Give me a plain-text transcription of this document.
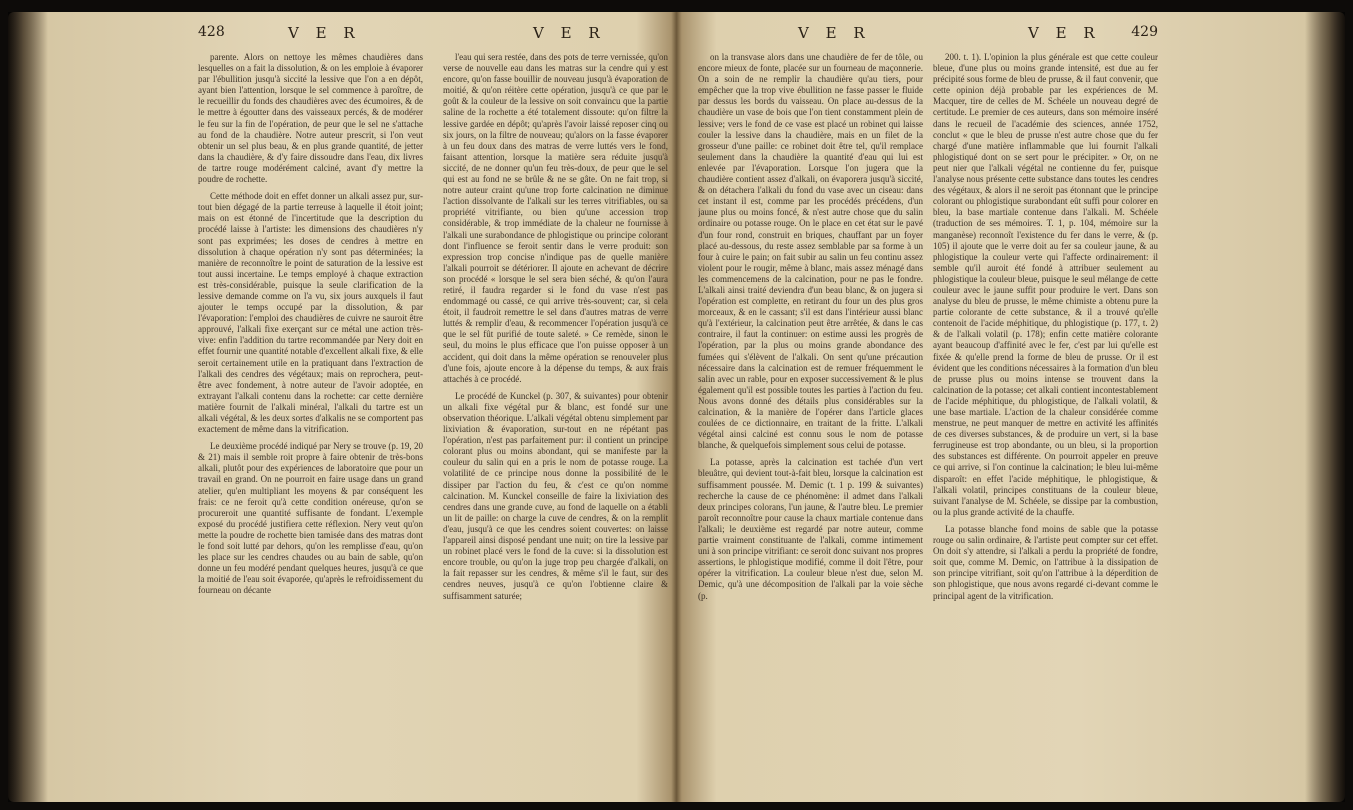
428	V E R	V E R

parente. Alors on nettoye les mêmes chaudières dans lesquelles on a fait la dissolution, & on les emploie à évaporer par l'ébullition jusqu'à siccité la lessive que l'on a en dépôt, ayant bien l'attention, lorsque le sel commence à paroître, de le recueillir du fonds des chaudières avec des écumoires, & de le mettre à égoutter dans des vaisseaux percés, & de modérer le feu sur la fin de l'opération, de peur que le sel ne s'attache au fond de la chaudière. Notre auteur prescrit, si l'on veut obtenir un sel plus beau, & en plus grande quantité, de jetter dans la chaudière, & d'y faire dissoudre dans l'eau, dix livres de tartre rouge modérément calciné, avant d'y mettre la poudre de rochette.

Cette méthode doit en effet donner un alkali assez pur, sur-tout bien dégagé de la partie terreuse à laquelle il étoit joint; mais on est étonné de l'incertitude que la description du procédé laisse à l'artiste: les dimensions des chaudières n'y sont pas exprimées; les doses de cendres à mettre en dissolution à chaque opération n'y sont pas déterminées; la manière de reconnoître le point de saturation de la lessive est tout aussi incertaine. Le temps employé à chaque extraction est très-considérable, puisque la seule clarification de la lessive demande comme on l'a vu, six jours auxquels il faut ajouter le temps occupé par la dissolution, & par l'évaporation: l'emploi des chaudières de cuivre ne sauroit être approuvé, l'alkali fixe exerçant sur ce métal une action très-vive: enfin l'addition du tartre recommandée par Nery doit en effet fournir une quantité notable d'excellent alkali fixe, & elle seroit certainement utile en la pratiquant dans l'extraction de l'alkali des cendres des végétaux; mais on reprochera, peut-être avec fondement, à notre auteur de l'avoir adoptée, en extrayant l'alkali contenu dans la rochette: car cette dernière matière fournit de l'alkali minéral, l'alkali du tartre est un alkali végétal, & les deux sortes d'alkalis ne se comportent pas exactement de même dans la vitrification.

Le deuxième procédé indiqué par Nery se trouve (p. 19, 20 & 21) mais il semble roit propre à faire obtenir de très-bons alkali, plutôt pour des expériences de laboratoire que pour un travail en grand. On ne pourroit en faire usage dans un grand atelier, qu'en multipliant les moyens & par conséquent les frais: ce ne feroit qu'à cette condition onéreuse, qu'on se procureroit une quantité suffisante de fondant. L'exemple exposé du procédé justifiera cette réflexion. Nery veut qu'on mette la poudre de rochette bien tamisée dans des matras dont le fond soit lutté par dehors, qu'on les remplisse d'eau, qu'on les place sur les cendres chaudes ou au bain de sable, qu'on donne un feu modéré pendant quelques heures, jusqu'à ce que la moitié de l'eau soit évaporée, qu'après le refroidissement du fourneau on décante

l'eau qui sera restée, dans des pots de terre vernissée, qu'on verse de nouvelle eau dans les matras sur la cendre qui y est encore, qu'on fasse bouillir de nouveau jusqu'à évaporation de moitié, & qu'on réitère cette opération, jusqu'à ce que par le goût & la couleur de la lessive on soit convaincu que la partie saline de la rochette a été totalement dissoute: qu'on filtre la lessive gardée en dépôt; qu'après l'avoir laissé reposer cinq ou six jours, on la filtre de nouveau; qu'alors on la fasse évaporer à un feu doux dans des matras de verre luttés vers le fond, faisant attention, lorsque la matière sera réduite jusqu'à siccité, de ne donner qu'un feu très-doux, de peur que le sel qui est au fond ne se brûle & ne se gâte. On ne fait trop, si notre auteur craint qu'une trop forte calcination ne diminue l'action dissolvante de l'alkali sur les terres vitrifiables, ou sa propriété vitrifiante, ou bien qu'une accession trop considérable, & trop immédiate de la chaleur ne fournisse à l'alkali une surabondance de phlogistique ou principe colorant dont l'influence se feroit sentir dans le verre produit: son expression trop concise n'indique pas de quelle manière l'alkali pourroit se détériorer. Il ajoute en achevant de décrire son procédé « lorsque le sel sera bien séché, & qu'on l'aura retiré, il faudra regarder si le fond du vase n'est pas endommagé ou cassé, ce qui arrive très-souvent; car, si cela étoit, il faudroit remettre le sel dans d'autres matras de verre luttés & remplir d'eau, & recommencer l'opération jusqu'à ce que le sel fût purifié de toute saleté. » Ce remède, sinon le seul, du moins le plus efficace que l'on puisse opposer à un accident, qui doit dans la même opération se renouveler plus d'une fois, ajoute encore à la dépense du temps, & aux frais attachés à ce procédé.

Le procédé de Kunckel (p. 307, & suivantes) pour obtenir un alkali fixe végétal pur & blanc, est fondé sur une observation théorique. L'alkali végétal obtenu simplement par lixiviation & évaporation, sur-tout en ne répétant pas l'opération, n'est pas parfaitement pur: il contient un principe colorant plus ou moins abondant, qui se manifeste par la couleur du salin qui en a pris le nom de potasse rouge. La volatilité de ce principe nous donne la possibilité de le dissiper par l'action du feu, & c'est ce qu'on nomme calcination. M. Kunckel conseille de faire la lixiviation des cendres dans une grande cuve, au fond de laquelle on a établi un lit de paille: on charge la cuve de cendres, & on la remplit d'eau, jusqu'à ce que les cendres soient couvertes: on laisse l'appareil ainsi disposé pendant une nuit; on tire la lessive par un robinet placé vers le fond de la cuve: si la dissolution est encore trouble, ou qu'on la juge trop peu chargée d'alkali, on la fait repasser sur les cendres, & même s'il le faut, sur des cendres neuves, jusqu'à ce qu'on l'obtienne claire & suffisamment saturée;

V E R	V E R 429

on la transvase alors dans une chaudière de fer de tôle, ou encore mieux de fonte, placée sur un fourneau de maçonnerie. On a soin de ne remplir la chaudière qu'au tiers, pour empêcher que la trop vive ébullition ne fasse passer le fluide par dessus les bords du vaisseau. On place au-dessus de la chaudière un vase de bois que l'on tient constamment plein de lessive; vers le fond de ce vase est placé un robinet qui laisse couler la lessive dans la chaudière, mais en un filet de la grosseur d'une paille: ce robinet doit être tel, qu'il remplace seulement dans la chaudière la quantité d'eau qui lui est enlevée par l'évaporation. Lorsque l'on jugera que la chaudière contient assez d'alkali, on évaporera jusqu'à siccité, & on détachera l'alkali du fond du vase avec un ciseau: dans cet instant il est, comme par les procédés précédens, d'un jaune plus ou moins foncé, & n'est autre chose que du salin ordinaire ou potasse rouge. On le place en cet état sur le pavé d'un four rond, construit en briques, chauffant par un foyer placé au-dessous, du reste assez semblable par sa forme à un four à cuire le pain; on fait subir au salin un feu continu assez violent pour le rougir, même à blanc, mais assez ménagé dans les commencemens de la calcination, pour ne pas le fondre. L'alkali ainsi traité deviendra d'un beau blanc, & on jugera si l'opération est complette, en retirant du four un des plus gros morceaux, & en le cassant; s'il est dans l'intérieur aussi blanc qu'à l'extérieur, la calcination peut être arrêtée, & dans le cas contraire, il faut la continuer: on estime aussi les progrès de l'opération, par la plus ou moins grande abondance des fumées qui s'élèvent de l'alkali. On sent qu'une précaution nécessaire dans la calcination est de remuer fréquemment le salin avec un rable, pour en exposer successivement & le plus également qu'il est possible toutes les parties à l'action du feu. Nous avons donné des détails plus considérables sur la calcination, & la manière de l'opérer dans l'article glaces coulées de ce dictionnaire, en traitant de la fritte. L'alkali végétal ainsi calciné est connu sous le nom de potasse blanche, & quelquefois simplement sous celui de potasse.

La potasse, après la calcination est tachée d'un vert bleuâtre, qui devient tout-à-fait bleu, lorsque la calcination est suffisamment poussée. M. Demic (t. 1 p. 199 & suivantes) recherche la cause de ce phénomène: il admet dans l'alkali deux principes colorans, l'un jaune, & l'autre bleu. Le premier paroît reconnoître pour cause la chaux martiale contenue dans l'alkali; le deuxième est regardé par notre auteur, comme partie vraiment constituante de l'alkali, comme intimement uni à son principe vitrifiant: ce seroit donc suivant nos propres assertions, le phlogistique modifié, comme il doit l'être, pour opérer la vitrification. La couleur bleue n'est due, selon M. Demic, qu'à une décomposition de l'alkali par la voie sèche (p.

200. t. 1). L'opinion la plus générale est que cette couleur bleue, d'une plus ou moins grande intensité, est due au fer précipité sous forme de bleu de prusse, & il faut convenir, que cette opinion déjà probable par les expériences de M. Macquer, tire de celles de M. Schéele un nouveau degré de certitude. Le premier de ces auteurs, dans son mémoire inséré dans le recueil de l'académie des sciences, année 1752, conclut « que le bleu de prusse n'est autre chose que du fer chargé d'une matière inflammable que lui fournit l'alkali phlogistiqué dont on se sert pour le précipiter. » Or, on ne peut nier que l'alkali végétal ne contienne du fer, puisque l'analyse nous présente cette substance dans toutes les cendres des végétaux, & alors il ne seroit pas étonnant que le principe colorant ou phlogistique surabondant eût suffi pour colorer en bleu, la base martiale contenue dans l'alkali. M. Schéele (traduction de ses mémoires. T. 1, p. 104, mémoire sur la manganèse) reconnoît l'existence du fer dans le verre, & (p. 105) il ajoute que le verre doit au fer sa couleur jaune, & au phlogistique la couleur verte qui l'affecte ordinairement: il semble qu'il auroit été fondé à attribuer seulement au phlogistique la couleur bleue, puisque le seul mélange de cette couleur avec le jaune suffit pour produire le vert. Dans son analyse du bleu de prusse, le même chimiste a obtenu pure la partie colorante de cette substance, & il a trouvé qu'elle contenoit de l'acide méphitique, du phlogistique (p. 177, t. 2) & de l'alkali volatil (p. 178); enfin cette matière colorante ayant beaucoup d'affinité avec le fer, c'est par lui qu'elle est fixée & qu'elle prend la forme de bleu de prusse. Or il est évident que les conditions nécessaires à la formation d'un bleu de prusse plus ou moins intense se trouvent dans la calcination de la potasse; cet alkali contient incontestablement de l'acide méphitique, du phlogistique, de l'alkali volatil, & une base martiale. L'action de la chaleur considérée comme menstrue, ne peut manquer de mettre en activité les affinités de ces diverses substances, & de produire un vert, si la base ferrugineuse est trop abondante, ou un bleu, si la proportion des substances est différente. On pourroit appeler en preuve ce qui arrive, si l'on continue la calcination; le bleu lui-même disparoît: en effet l'acide méphitique, le phlogistique, & l'alkali volatil, principes constituans de la couleur bleue, suivant l'analyse de M. Schéele, se dissipe par la combustion, ou la plus grande activité de la chauffe.

La potasse blanche fond moins de sable que la potasse rouge ou salin ordinaire, & l'artiste peut compter sur cet effet. On doit s'y attendre, si l'alkali a perdu la propriété de fondre, soit que, comme M. Demic, on l'attribue à la dissipation de son principe vitrifiant, soit qu'on l'attribue à la déperdition de son phlogistique, que nous avons regardé ci-devant comme le principal agent de la vitrification.
